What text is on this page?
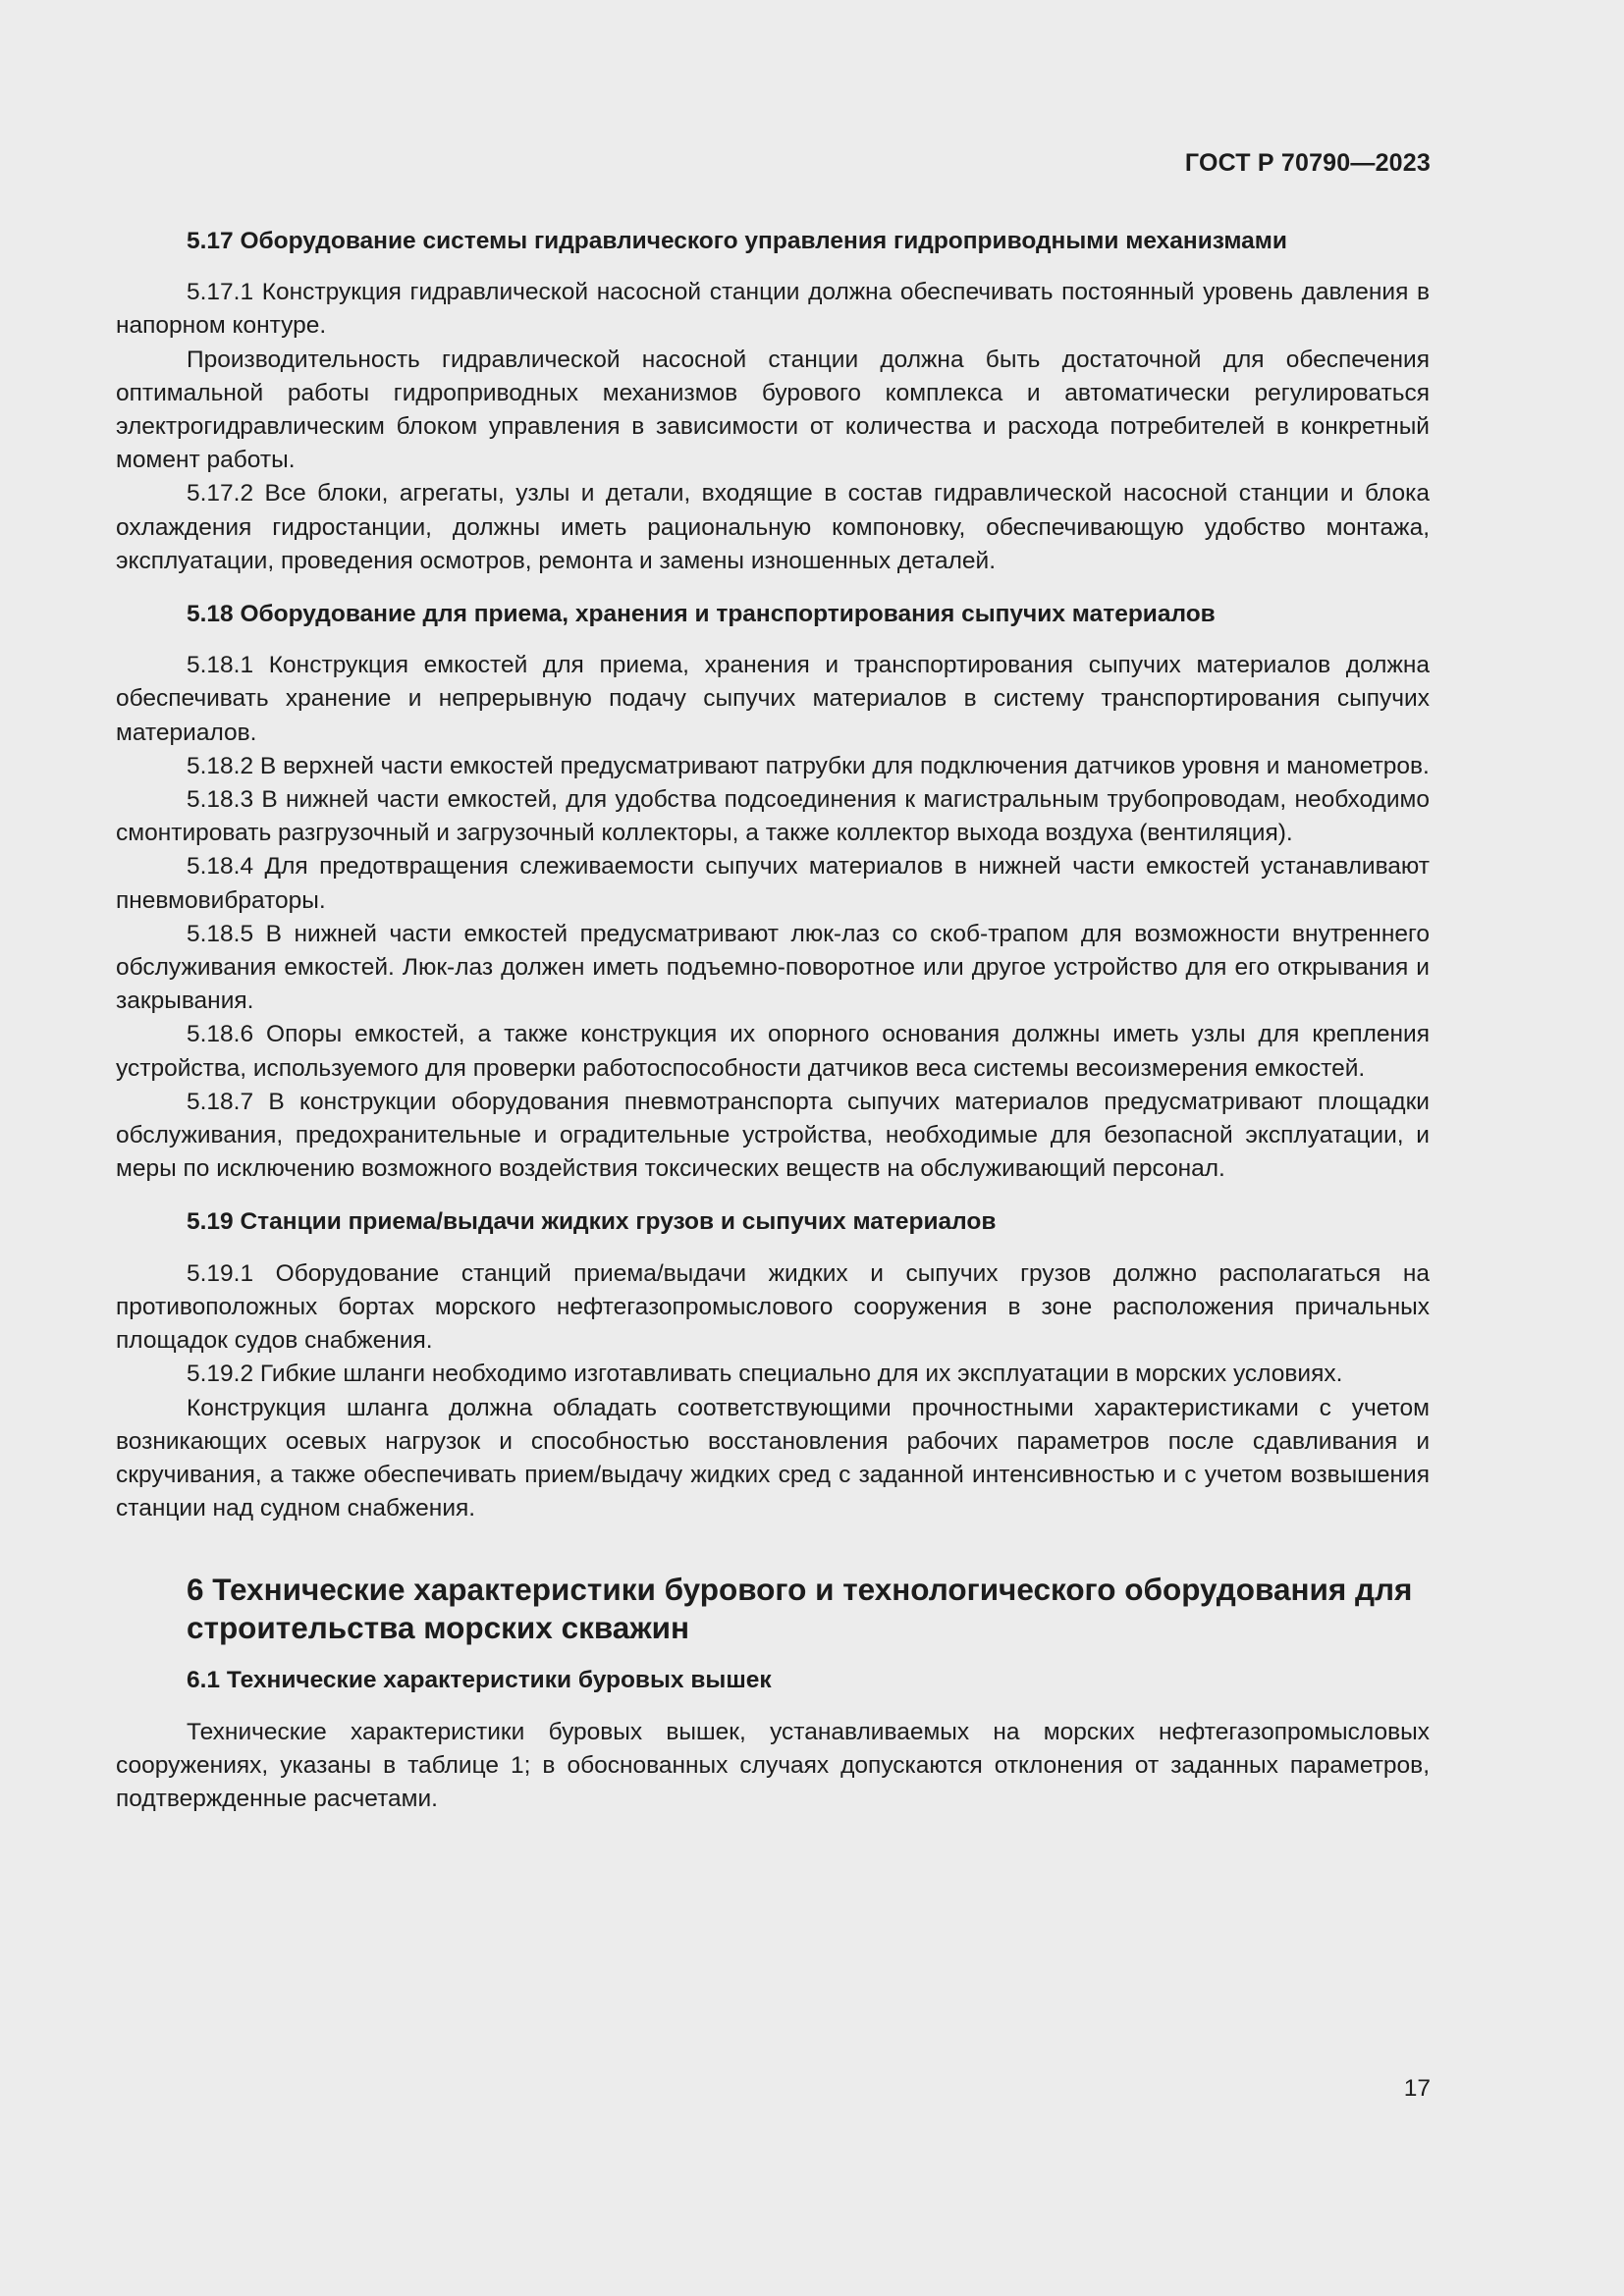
ГОСТ Р 70790—2023
5.17 Оборудование системы гидравлического управления гидроприводными механизмами

5.17.1 Конструкция гидравлической насосной станции должна обеспечивать постоянный уровень давления в напорном контуре.

Производительность гидравлической насосной станции должна быть достаточной для обеспечения оптимальной работы гидроприводных механизмов бурового комплекса и автоматически регулироваться электрогидравлическим блоком управления в зависимости от количества и расхода потребителей в конкретный момент работы.

5.17.2 Все блоки, агрегаты, узлы и детали, входящие в состав гидравлической насосной станции и блока охлаждения гидростанции, должны иметь рациональную компоновку, обеспечивающую удобство монтажа, эксплуатации, проведения осмотров, ремонта и замены изношенных деталей.

5.18 Оборудование для приема, хранения и транспортирования сыпучих материалов

5.18.1 Конструкция емкостей для приема, хранения и транспортирования сыпучих материалов должна обеспечивать хранение и непрерывную подачу сыпучих материалов в систему транспортирования сыпучих материалов.

5.18.2 В верхней части емкостей предусматривают патрубки для подключения датчиков уровня и манометров.

5.18.3 В нижней части емкостей, для удобства подсоединения к магистральным трубопроводам, необходимо смонтировать разгрузочный и загрузочный коллекторы, а также коллектор выхода воздуха (вентиляция).

5.18.4 Для предотвращения слеживаемости сыпучих материалов в нижней части емкостей устанавливают пневмовибраторы.

5.18.5 В нижней части емкостей предусматривают люк-лаз со скоб-трапом для возможности внутреннего обслуживания емкостей. Люк-лаз должен иметь подъемно-поворотное или другое устройство для его открывания и закрывания.

5.18.6 Опоры емкостей, а также конструкция их опорного основания должны иметь узлы для крепления устройства, используемого для проверки работоспособности датчиков веса системы весоизмерения емкостей.

5.18.7 В конструкции оборудования пневмотранспорта сыпучих материалов предусматривают площадки обслуживания, предохранительные и оградительные устройства, необходимые для безопасной эксплуатации, и меры по исключению возможного воздействия токсических веществ на обслуживающий персонал.

5.19 Станции приема/выдачи жидких грузов и сыпучих материалов

5.19.1 Оборудование станций приема/выдачи жидких и сыпучих грузов должно располагаться на противоположных бортах морского нефтегазопромыслового сооружения в зоне расположения причальных площадок судов снабжения.

5.19.2 Гибкие шланги необходимо изготавливать специально для их эксплуатации в морских условиях.

Конструкция шланга должна обладать соответствующими прочностными характеристиками с учетом возникающих осевых нагрузок и способностью восстановления рабочих параметров после сдавливания и скручивания, а также обеспечивать прием/выдачу жидких сред с заданной интенсивностью и с учетом возвышения станции над судном снабжения.

6 Технические характеристики бурового и технологического оборудования для строительства морских скважин
6.1 Технические характеристики буровых вышек

Технические характеристики буровых вышек, устанавливаемых на морских нефтегазопромысловых сооружениях, указаны в таблице 1; в обоснованных случаях допускаются отклонения от заданных параметров, подтвержденные расчетами.

17
